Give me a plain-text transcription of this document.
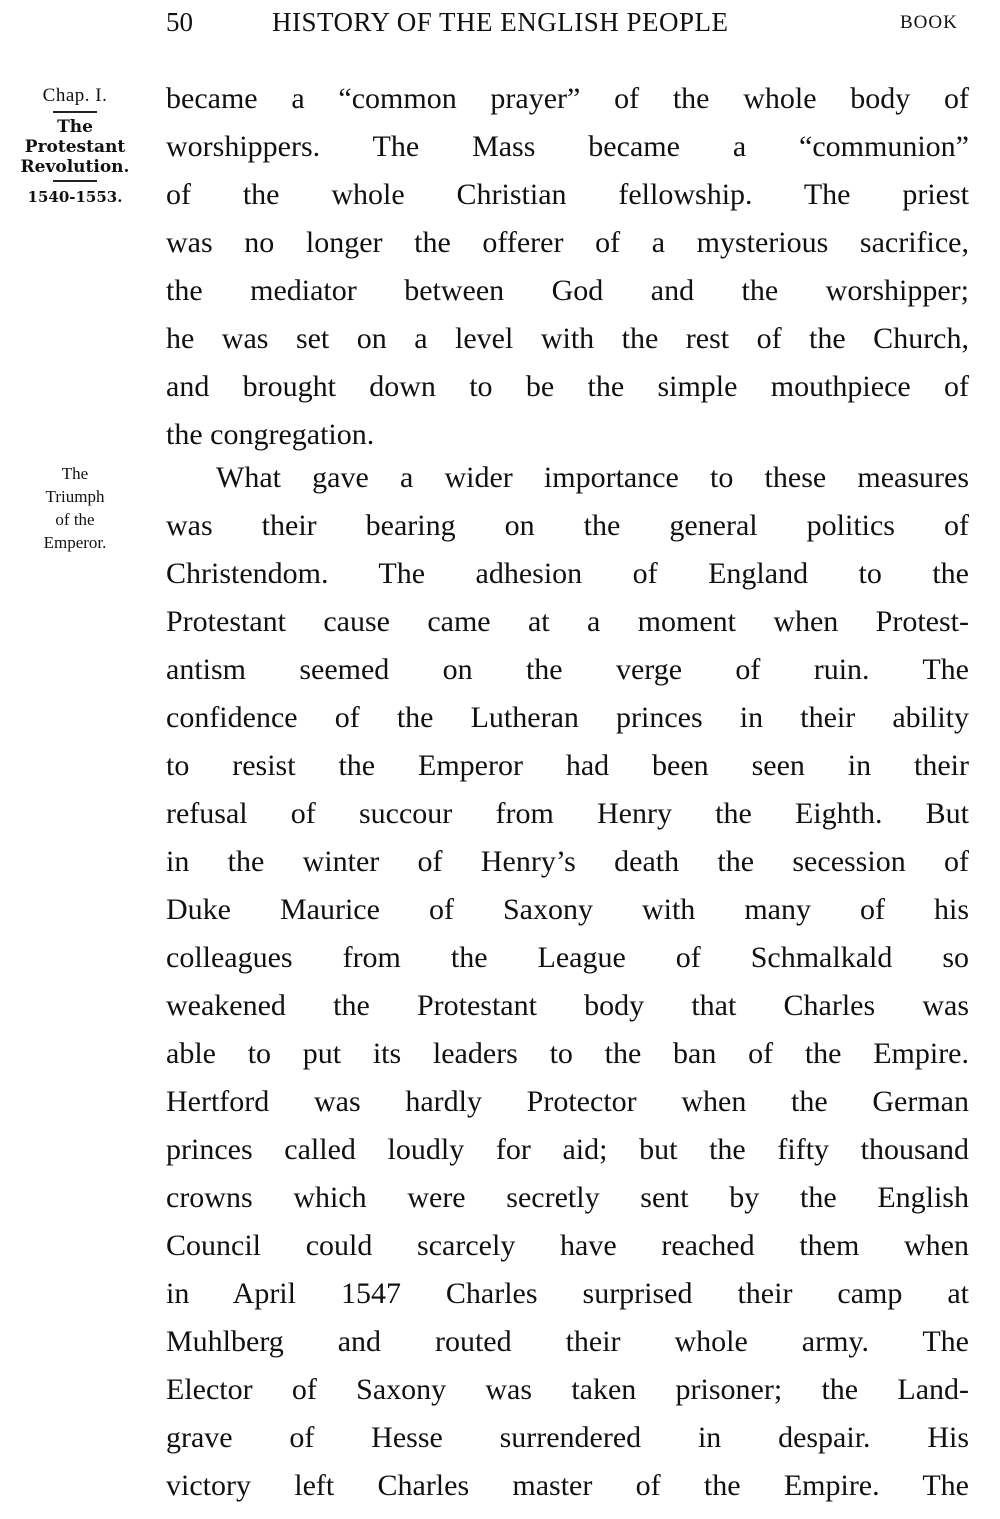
50	HISTORY OF THE ENGLISH PEOPLE	BOOK
Chap. I.
The
Protestant
Revolution.
1540-1553.
The
Triumph
of the
Emperor.
became a “common prayer” of the whole body of
worshippers. The Mass became a “communion”
of the whole Christian fellowship. The priest
was no longer the offerer of a mysterious sacrifice,
the mediator between God and the worshipper;
he was set on a level with the rest of the Church,
and brought down to be the simple mouthpiece of
the congregation.
What gave a wider importance to these measures
was their bearing on the general politics of
Christendom. The adhesion of England to the
Protestant cause came at a moment when Protest-
antism seemed on the verge of ruin. The
confidence of the Lutheran princes in their ability
to resist the Emperor had been seen in their
refusal of succour from Henry the Eighth. But
in the winter of Henry’s death the secession of
Duke Maurice of Saxony with many of his
colleagues from the League of Schmalkald so
weakened the Protestant body that Charles was
able to put its leaders to the ban of the Empire.
Hertford was hardly Protector when the German
princes called loudly for aid; but the fifty thousand
crowns which were secretly sent by the English
Council could scarcely have reached them when
in April 1547 Charles surprised their camp at
Muhlberg and routed their whole army. The
Elector of Saxony was taken prisoner; the Land-
grave of Hesse surrendered in despair. His
victory left Charles master of the Empire. The
